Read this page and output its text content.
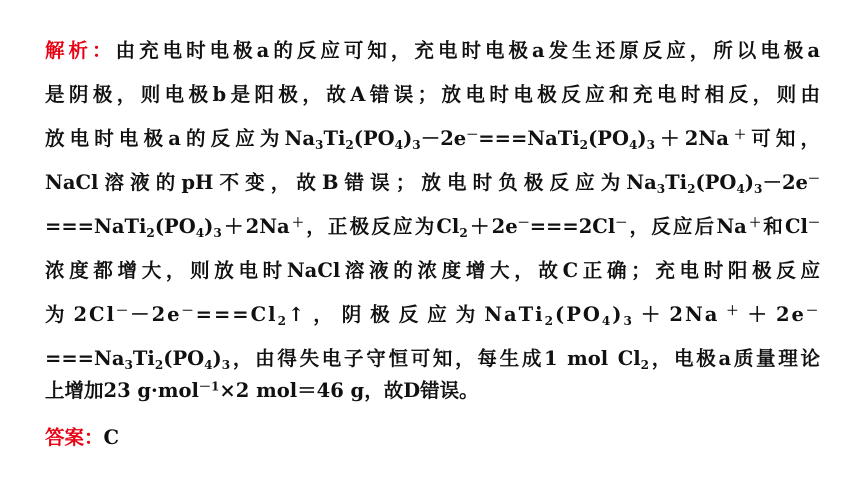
解析：由充电时电极a的反应可知，充电时电极a发生还原反应，所以电极a
是阴极，则电极b是阳极，故A错误；放电时电极反应和充电时相反，则由
放电时电极a的反应为$Na_3Ti_2(PO_4)_3-2e^-===NaTi_2(PO_4)_3+2Na^+$可知，
NaCl溶液的pH不变，故B错误；放电时负极反应为$Na_3Ti_2(PO_4)_3-2e^-$
$===NaTi_2(PO_4)_3+2Na^+$，正极反应为$Cl_2+2e^-===2Cl^-$，反应后Na＋和Cl－
浓度都增大，则放电时NaCl溶液的浓度增大，故C正确；充电时阳极反应
为$2Cl^--2e^-===Cl_2↑$，阴极反应为$NaTi_2(PO_4)_3+2Na^++2e^-$
$===Na_3Ti_2(PO_4)_3$，由得失电子守恒可知，每生成1 mol $Cl_2$，电极a质量理论
上增加23 g·mol$^{-1}$×2 mol＝46 g，故D错误。
答案：C
